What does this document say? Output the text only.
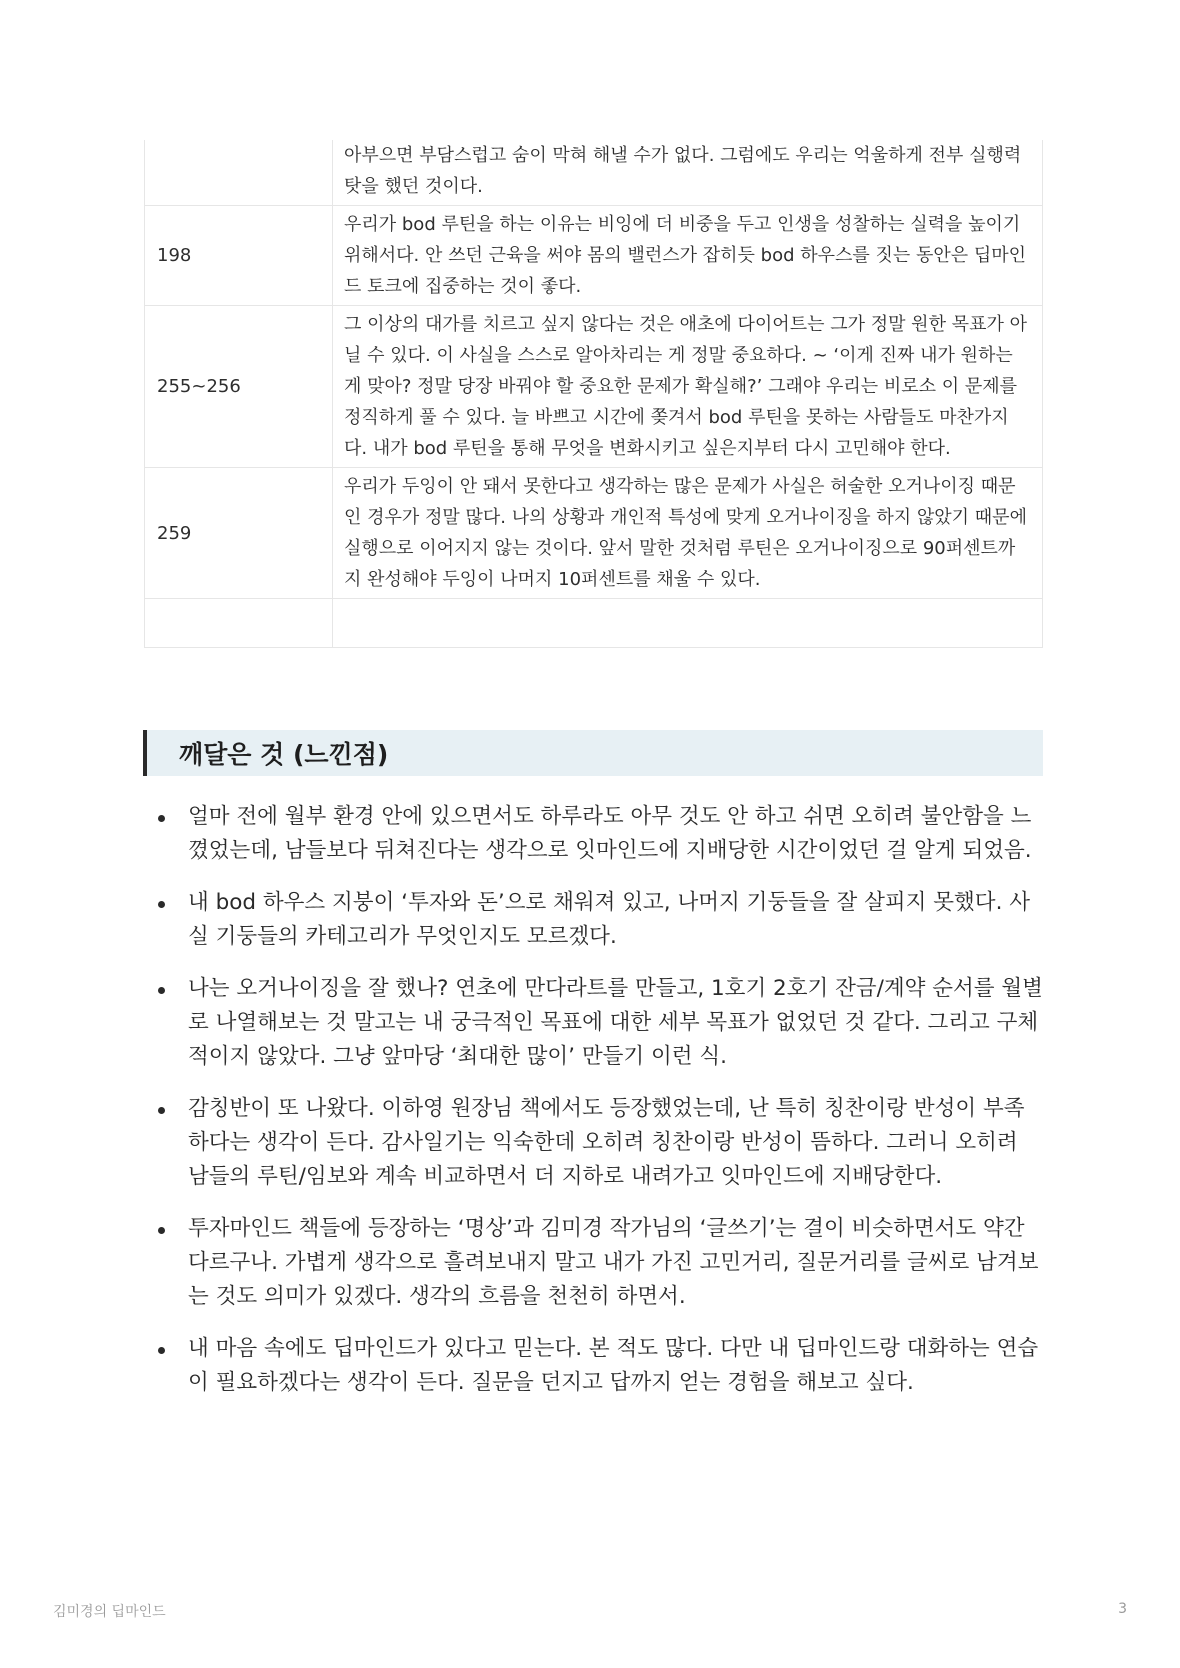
	아부으면 부담스럽고 숨이 막혀 해낼 수가 없다. 그럼에도 우리는 억울하게 전부 실행력 탓을 했던 것이다.
198	우리가 bod 루틴을 하는 이유는 비잉에 더 비중을 두고 인생을 성찰하는 실력을 높이기 위해서다. 안 쓰던 근육을 써야 몸의 밸런스가 잡히듯 bod 하우스를 짓는 동안은 딥마인드 토크에 집중하는 것이 좋다.
255~256	그 이상의 대가를 치르고 싶지 않다는 것은 애초에 다이어트는 그가 정말 원한 목표가 아닐 수 있다. 이 사실을 스스로 알아차리는 게 정말 중요하다. ~ ‘이게 진짜 내가 원하는 게 맞아? 정말 당장 바꿔야 할 중요한 문제가 확실해?’ 그래야 우리는 비로소 이 문제를 정직하게 풀 수 있다. 늘 바쁘고 시간에 쫒겨서 bod 루틴을 못하는 사람들도 마찬가지다. 내가 bod 루틴을 통해 무엇을 변화시키고 싶은지부터 다시 고민해야 한다.
259	우리가 두잉이 안 돼서 못한다고 생각하는 많은 문제가 사실은 허술한 오거나이징 때문인 경우가 정말 많다. 나의 상황과 개인적 특성에 맞게 오거나이징을 하지 않았기 때문에 실행으로 이어지지 않는 것이다. 앞서 말한 것처럼 루틴은 오거나이징으로 90퍼센트까지 완성해야 두잉이 나머지 10퍼센트를 채울 수 있다.

깨달은 것 (느낀점)
얼마 전에 월부 환경 안에 있으면서도 하루라도 아무 것도 안 하고 쉬면 오히려 불안함을 느꼈었는데, 남들보다 뒤쳐진다는 생각으로 잇마인드에 지배당한 시간이었던 걸 알게 되었음.
내 bod 하우스 지붕이 ‘투자와 돈’으로 채워져 있고, 나머지 기둥들을 잘 살피지 못했다. 사실 기둥들의 카테고리가 무엇인지도 모르겠다.
나는 오거나이징을 잘 했나? 연초에 만다라트를 만들고, 1호기 2호기 잔금/계약 순서를 월별로 나열해보는 것 말고는 내 궁극적인 목표에 대한 세부 목표가 없었던 것 같다. 그리고 구체적이지 않았다. 그냥 앞마당 ‘최대한 많이’ 만들기 이런 식.
감칭반이 또 나왔다. 이하영 원장님 책에서도 등장했었는데, 난 특히 칭찬이랑 반성이 부족하다는 생각이 든다. 감사일기는 익숙한데 오히려 칭찬이랑 반성이 뜸하다. 그러니 오히려 남들의 루틴/임보와 계속 비교하면서 더 지하로 내려가고 잇마인드에 지배당한다.
투자마인드 책들에 등장하는 ‘명상’과 김미경 작가님의 ‘글쓰기’는 결이 비슷하면서도 약간 다르구나. 가볍게 생각으로 흘려보내지 말고 내가 가진 고민거리, 질문거리를 글씨로 남겨보는 것도 의미가 있겠다. 생각의 흐름을 천천히 하면서.
내 마음 속에도 딥마인드가 있다고 믿는다. 본 적도 많다. 다만 내 딥마인드랑 대화하는 연습이 필요하겠다는 생각이 든다. 질문을 던지고 답까지 얻는 경험을 해보고 싶다.
김미경의 딥마인드	3
